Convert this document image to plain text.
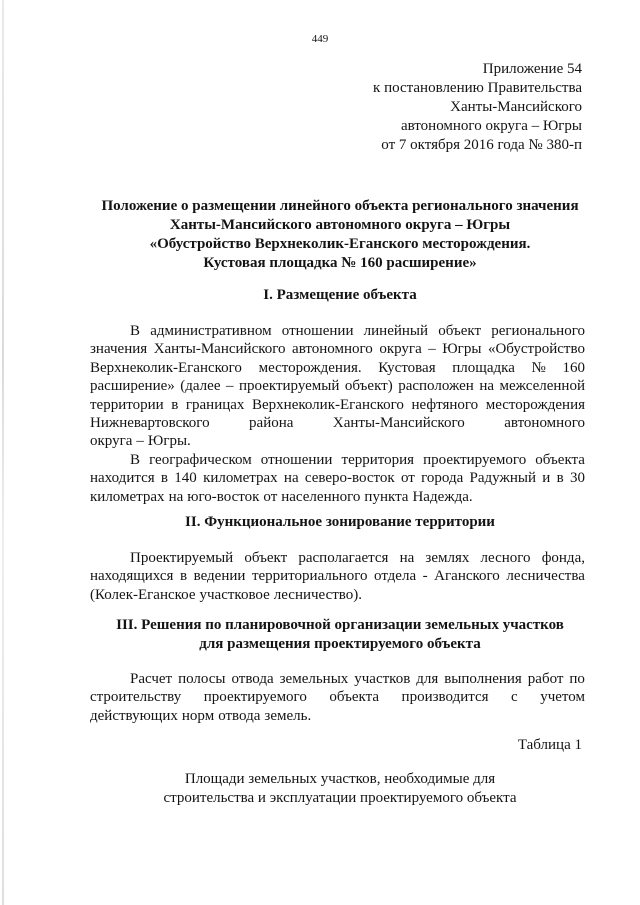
449
Приложение 54
к постановлению Правительства
Ханты-Мансийского
автономного округа – Югры
от 7 октября 2016 года № 380-п
Положение о размещении линейного объекта регионального значения
Ханты-Мансийского автономного округа – Югры
«Обустройство Верхнеколик-Еганского месторождения.
Кустовая площадка № 160 расширение»
I. Размещение объекта
В административном отношении линейный объект регионального
значения Ханты-Мансийского автономного округа – Югры «Обустройство
Верхнеколик-Еганского месторождения. Кустовая площадка № 160
расширение» (далее – проектируемый объект) расположен на межселенной
территории в границах Верхнеколик-Еганского нефтяного месторождения
Нижневартовского	района	Ханты-Мансийского	автономного
округа – Югры.
В географическом отношении территория проектируемого объекта
находится в 140 километрах на северо-восток от города Радужный и в 30
километрах на юго-восток от населенного пункта Надежда.
II. Функциональное зонирование территории
Проектируемый объект располагается на землях лесного фонда,
находящихся в ведении территориального отдела - Аганского лесничества
(Колек-Еганское участковое лесничество).
III. Решения по планировочной организации земельных участков
для размещения проектируемого объекта
Расчет полосы отвода земельных участков для выполнения работ по
строительству проектируемого объекта производится с учетом
действующих норм отвода земель.
Таблица 1
Площади земельных участков, необходимые для
строительства и эксплуатации проектируемого объекта
